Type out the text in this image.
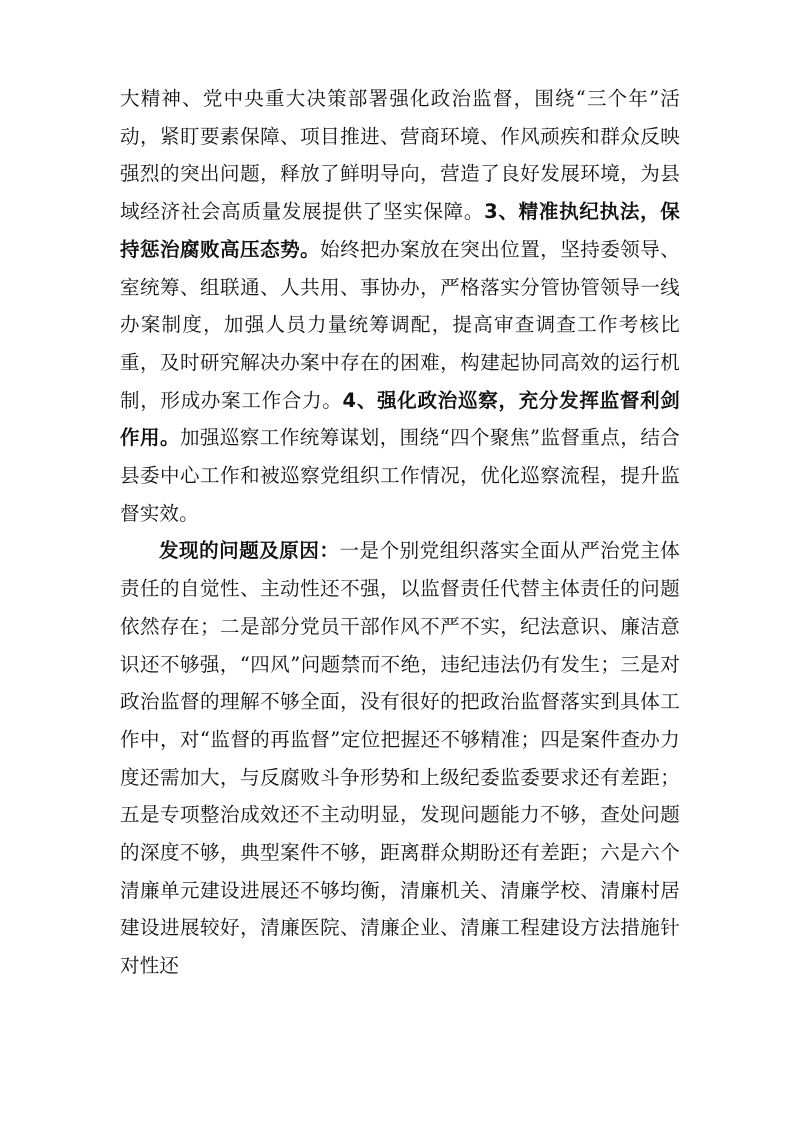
大精神、党中央重大决策部署强化政治监督，围绕“三个年”活动，紧盯要素保障、项目推进、营商环境、作风顽疾和群众反映强烈的突出问题，释放了鲜明导向，营造了良好发展环境，为县域经济社会高质量发展提供了坚实保障。3、精准执纪执法，保持惩治腐败高压态势。始终把办案放在突出位置，坚持委领导、室统筹、组联通、人共用、事协办，严格落实分管协管领导一线办案制度，加强人员力量统筹调配，提高审查调查工作考核比重，及时研究解决办案中存在的困难，构建起协同高效的运行机制，形成办案工作合力。4、强化政治巡察，充分发挥监督利剑作用。加强巡察工作统筹谋划，围绕“四个聚焦”监督重点，结合县委中心工作和被巡察党组织工作情况，优化巡察流程，提升监督实效。

发现的问题及原因：一是个别党组织落实全面从严治党主体责任的自觉性、主动性还不强，以监督责任代替主体责任的问题依然存在；二是部分党员干部作风不严不实，纪法意识、廉洁意识还不够强，“四风”问题禁而不绝，违纪违法仍有发生；三是对政治监督的理解不够全面，没有很好的把政治监督落实到具体工作中，对“监督的再监督”定位把握还不够精准；四是案件查办力度还需加大，与反腐败斗争形势和上级纪委监委要求还有差距；五是专项整治成效还不主动明显，发现问题能力不够，查处问题的深度不够，典型案件不够，距离群众期盼还有差距；六是六个清廉单元建设进展还不够均衡，清廉机关、清廉学校、清廉村居建设进展较好，清廉医院、清廉企业、清廉工程建设方法措施针对性还
